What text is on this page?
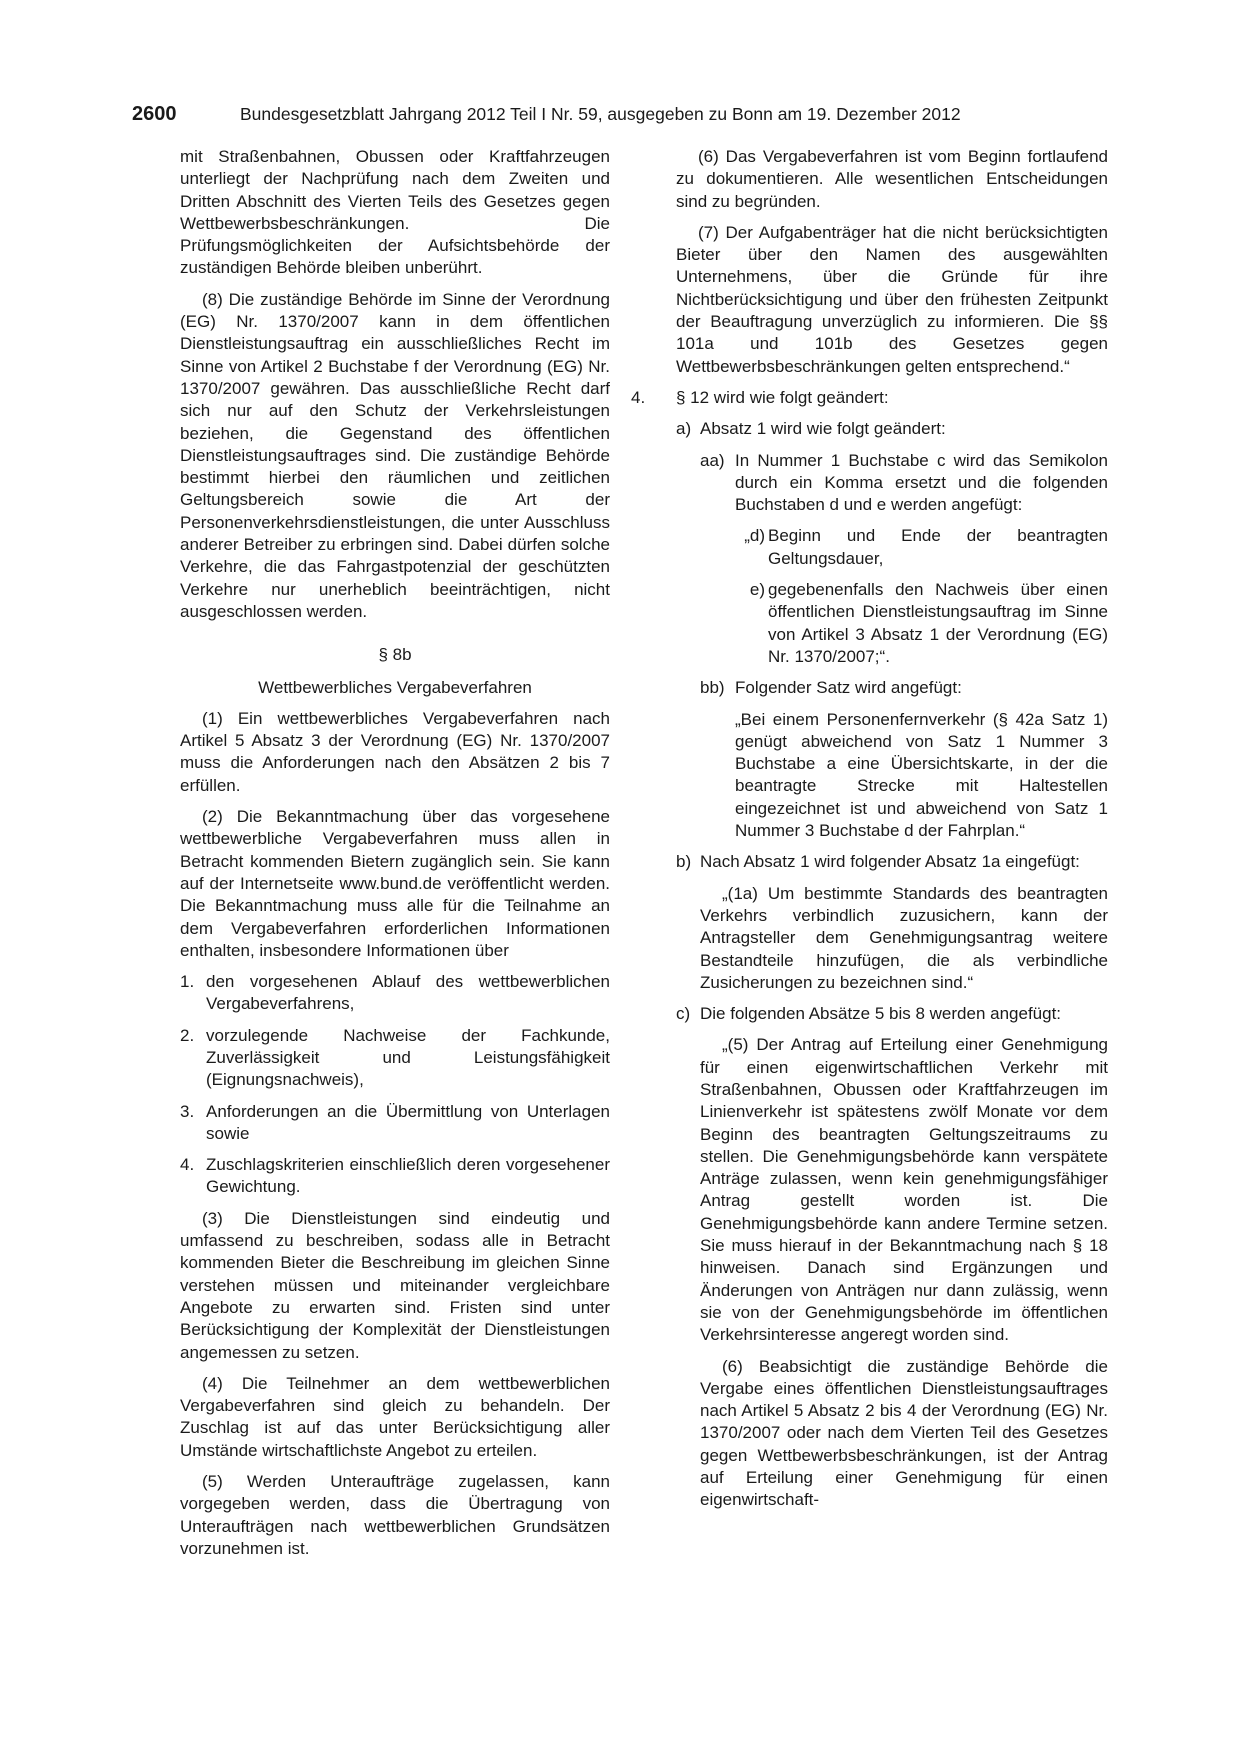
2600	Bundesgesetzblatt Jahrgang 2012 Teil I Nr. 59, ausgegeben zu Bonn am 19. Dezember 2012

mit Straßenbahnen, Obussen oder Kraftfahrzeugen unterliegt der Nachprüfung nach dem Zweiten und Dritten Abschnitt des Vierten Teils des Gesetzes gegen Wettbewerbsbeschränkungen. Die Prüfungsmöglichkeiten der Aufsichtsbehörde der zuständigen Behörde bleiben unberührt.

(8) Die zuständige Behörde im Sinne der Verordnung (EG) Nr. 1370/2007 kann in dem öffentlichen Dienstleistungsauftrag ein ausschließliches Recht im Sinne von Artikel 2 Buchstabe f der Verordnung (EG) Nr. 1370/2007 gewähren. Das ausschließliche Recht darf sich nur auf den Schutz der Verkehrsleistungen beziehen, die Gegenstand des öffentlichen Dienstleistungsauftrages sind. Die zuständige Behörde bestimmt hierbei den räumlichen und zeitlichen Geltungsbereich sowie die Art der Personenverkehrsdienstleistungen, die unter Ausschluss anderer Betreiber zu erbringen sind. Dabei dürfen solche Verkehre, die das Fahrgastpotenzial der geschützten Verkehre nur unerheblich beeinträchtigen, nicht ausgeschlossen werden.

§ 8b

Wettbewerbliches Vergabeverfahren

(1) Ein wettbewerbliches Vergabeverfahren nach Artikel 5 Absatz 3 der Verordnung (EG) Nr. 1370/2007 muss die Anforderungen nach den Absätzen 2 bis 7 erfüllen.

(2) Die Bekanntmachung über das vorgesehene wettbewerbliche Vergabeverfahren muss allen in Betracht kommenden Bietern zugänglich sein. Sie kann auf der Internetseite www.bund.de veröffentlicht werden. Die Bekanntmachung muss alle für die Teilnahme an dem Vergabeverfahren erforderlichen Informationen enthalten, insbesondere Informationen über

1. den vorgesehenen Ablauf des wettbewerblichen Vergabeverfahrens,
2. vorzulegende Nachweise der Fachkunde, Zuverlässigkeit und Leistungsfähigkeit (Eignungsnachweis),
3. Anforderungen an die Übermittlung von Unterlagen sowie
4. Zuschlagskriterien einschließlich deren vorgesehener Gewichtung.

(3) Die Dienstleistungen sind eindeutig und umfassend zu beschreiben, sodass alle in Betracht kommenden Bieter die Beschreibung im gleichen Sinne verstehen müssen und miteinander vergleichbare Angebote zu erwarten sind. Fristen sind unter Berücksichtigung der Komplexität der Dienstleistungen angemessen zu setzen.

(4) Die Teilnehmer an dem wettbewerblichen Vergabeverfahren sind gleich zu behandeln. Der Zuschlag ist auf das unter Berücksichtigung aller Umstände wirtschaftlichste Angebot zu erteilen.

(5) Werden Unteraufträge zugelassen, kann vorgegeben werden, dass die Übertragung von Unteraufträgen nach wettbewerblichen Grundsätzen vorzunehmen ist.

(6) Das Vergabeverfahren ist vom Beginn fortlaufend zu dokumentieren. Alle wesentlichen Entscheidungen sind zu begründen.

(7) Der Aufgabenträger hat die nicht berücksichtigten Bieter über den Namen des ausgewählten Unternehmens, über die Gründe für ihre Nichtberücksichtigung und über den frühesten Zeitpunkt der Beauftragung unverzüglich zu informieren. Die §§ 101a und 101b des Gesetzes gegen Wettbewerbsbeschränkungen gelten entsprechend.“

4.	§ 12 wird wie folgt geändert:
a) Absatz 1 wird wie folgt geändert:
aa) In Nummer 1 Buchstabe c wird das Semikolon durch ein Komma ersetzt und die folgenden Buchstaben d und e werden angefügt:
„d) Beginn und Ende der beantragten Geltungsdauer,
e) gegebenenfalls den Nachweis über einen öffentlichen Dienstleistungsauftrag im Sinne von Artikel 3 Absatz 1 der Verordnung (EG) Nr. 1370/2007;“.
bb) Folgender Satz wird angefügt:

„Bei einem Personenfernverkehr (§ 42a Satz 1) genügt abweichend von Satz 1 Nummer 3 Buchstabe a eine Übersichtskarte, in der die beantragte Strecke mit Haltestellen eingezeichnet ist und abweichend von Satz 1 Nummer 3 Buchstabe d der Fahrplan.“

b) Nach Absatz 1 wird folgender Absatz 1a eingefügt:

„(1a) Um bestimmte Standards des beantragten Verkehrs verbindlich zuzusichern, kann der Antragsteller dem Genehmigungsantrag weitere Bestandteile hinzufügen, die als verbindliche Zusicherungen zu bezeichnen sind.“

c) Die folgenden Absätze 5 bis 8 werden angefügt:

„(5) Der Antrag auf Erteilung einer Genehmigung für einen eigenwirtschaftlichen Verkehr mit Straßenbahnen, Obussen oder Kraftfahrzeugen im Linienverkehr ist spätestens zwölf Monate vor dem Beginn des beantragten Geltungszeitraums zu stellen. Die Genehmigungsbehörde kann verspätete Anträge zulassen, wenn kein genehmigungsfähiger Antrag gestellt worden ist. Die Genehmigungsbehörde kann andere Termine setzen. Sie muss hierauf in der Bekanntmachung nach § 18 hinweisen. Danach sind Ergänzungen und Änderungen von Anträgen nur dann zulässig, wenn sie von der Genehmigungsbehörde im öffentlichen Verkehrsinteresse angeregt worden sind.

(6) Beabsichtigt die zuständige Behörde die Vergabe eines öffentlichen Dienstleistungsauftrages nach Artikel 5 Absatz 2 bis 4 der Verordnung (EG) Nr. 1370/2007 oder nach dem Vierten Teil des Gesetzes gegen Wettbewerbsbeschränkungen, ist der Antrag auf Erteilung einer Genehmigung für einen eigenwirtschaft-
